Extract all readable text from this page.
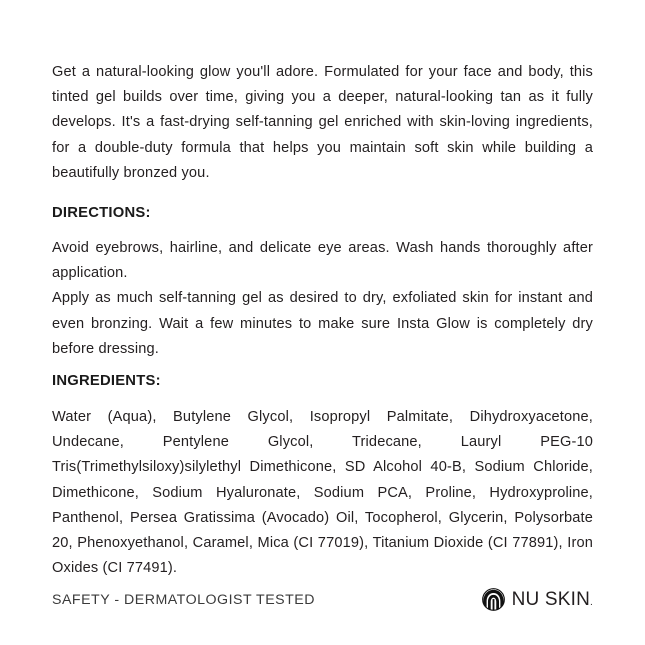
Get a natural-looking glow you'll adore. Formulated for your face and body, this tinted gel builds over time, giving you a deeper, natural-looking tan as it fully develops. It's a fast-drying self-tanning gel enriched with skin-loving ingredients, for a double-duty formula that helps you maintain soft skin while building a beautifully bronzed you.

DIRECTIONS:

Avoid eyebrows, hairline, and delicate eye areas. Wash hands thoroughly after application.

Apply as much self-tanning gel as desired to dry, exfoliated skin for instant and even bronzing. Wait a few minutes to make sure Insta Glow is completely dry before dressing.

INGREDIENTS:

Water (Aqua), Butylene Glycol, Isopropyl Palmitate, Dihydroxyacetone, Undecane, Pentylene Glycol, Tridecane, Lauryl PEG-10 Tris(Trimethylsiloxy)silylethyl Dimethicone, SD Alcohol 40-B, Sodium Chloride, Dimethicone, Sodium Hyaluronate, Sodium PCA, Proline, Hydroxyproline, Panthenol, Persea Gratissima (Avocado) Oil, Tocopherol, Glycerin, Polysorbate 20, Phenoxyethanol, Caramel, Mica (CI 77019), Titanium Dioxide (CI 77891), Iron Oxides (CI 77491).

SAFETY - DERMATOLOGIST TESTED	NU SKIN.
